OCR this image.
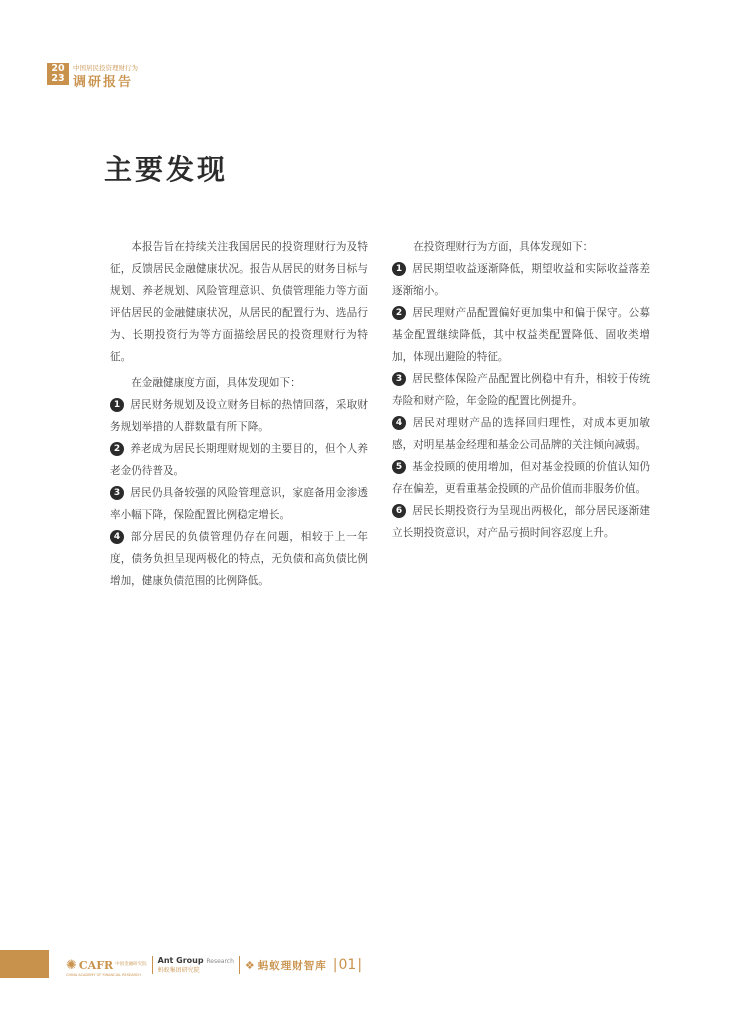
20
23
中国居民投资理财行为
调研报告
主要发现

本报告旨在持续关注我国居民的投资理财行为及特征，反馈居民金融健康状况。报告从居民的财务目标与规划、养老规划、风险管理意识、负债管理能力等方面评估居民的金融健康状况，从居民的配置行为、选品行为、长期投资行为等方面描绘居民的投资理财行为特征。

在金融健康度方面，具体发现如下：

1 居民财务规划及设立财务目标的热情回落，采取财务规划举措的人群数量有所下降。

2 养老成为居民长期理财规划的主要目的，但个人养老金仍待普及。

3 居民仍具备较强的风险管理意识，家庭备用金渗透率小幅下降，保险配置比例稳定增长。

4 部分居民的负债管理仍存在问题，相较于上一年度，债务负担呈现两极化的特点，无负债和高负债比例增加，健康负债范围的比例降低。

在投资理财行为方面，具体发现如下：

1 居民期望收益逐渐降低，期望收益和实际收益落差逐渐缩小。

2 居民理财产品配置偏好更加集中和偏于保守。公募基金配置继续降低，其中权益类配置降低、固收类增加，体现出避险的特征。

3 居民整体保险产品配置比例稳中有升，相较于传统寿险和财产险，年金险的配置比例提升。

4 居民对理财产品的选择回归理性，对成本更加敏感，对明星基金经理和基金公司品牌的关注倾向减弱。

5 基金投顾的使用增加，但对基金投顾的价值认知仍存在偏差，更看重基金投顾的产品价值而非服务价值。

6 居民长期投资行为呈现出两极化，部分居民逐渐建立长期投资意识，对产品亏损时间容忍度上升。

✺ CAFR 中国金融研究院
CHINA ACADEMY OF FINANCIAL RESEARCH
Ant Group Research
蚂蚁集团研究院	❖ 蚂蚁理财智库 | 01 |
